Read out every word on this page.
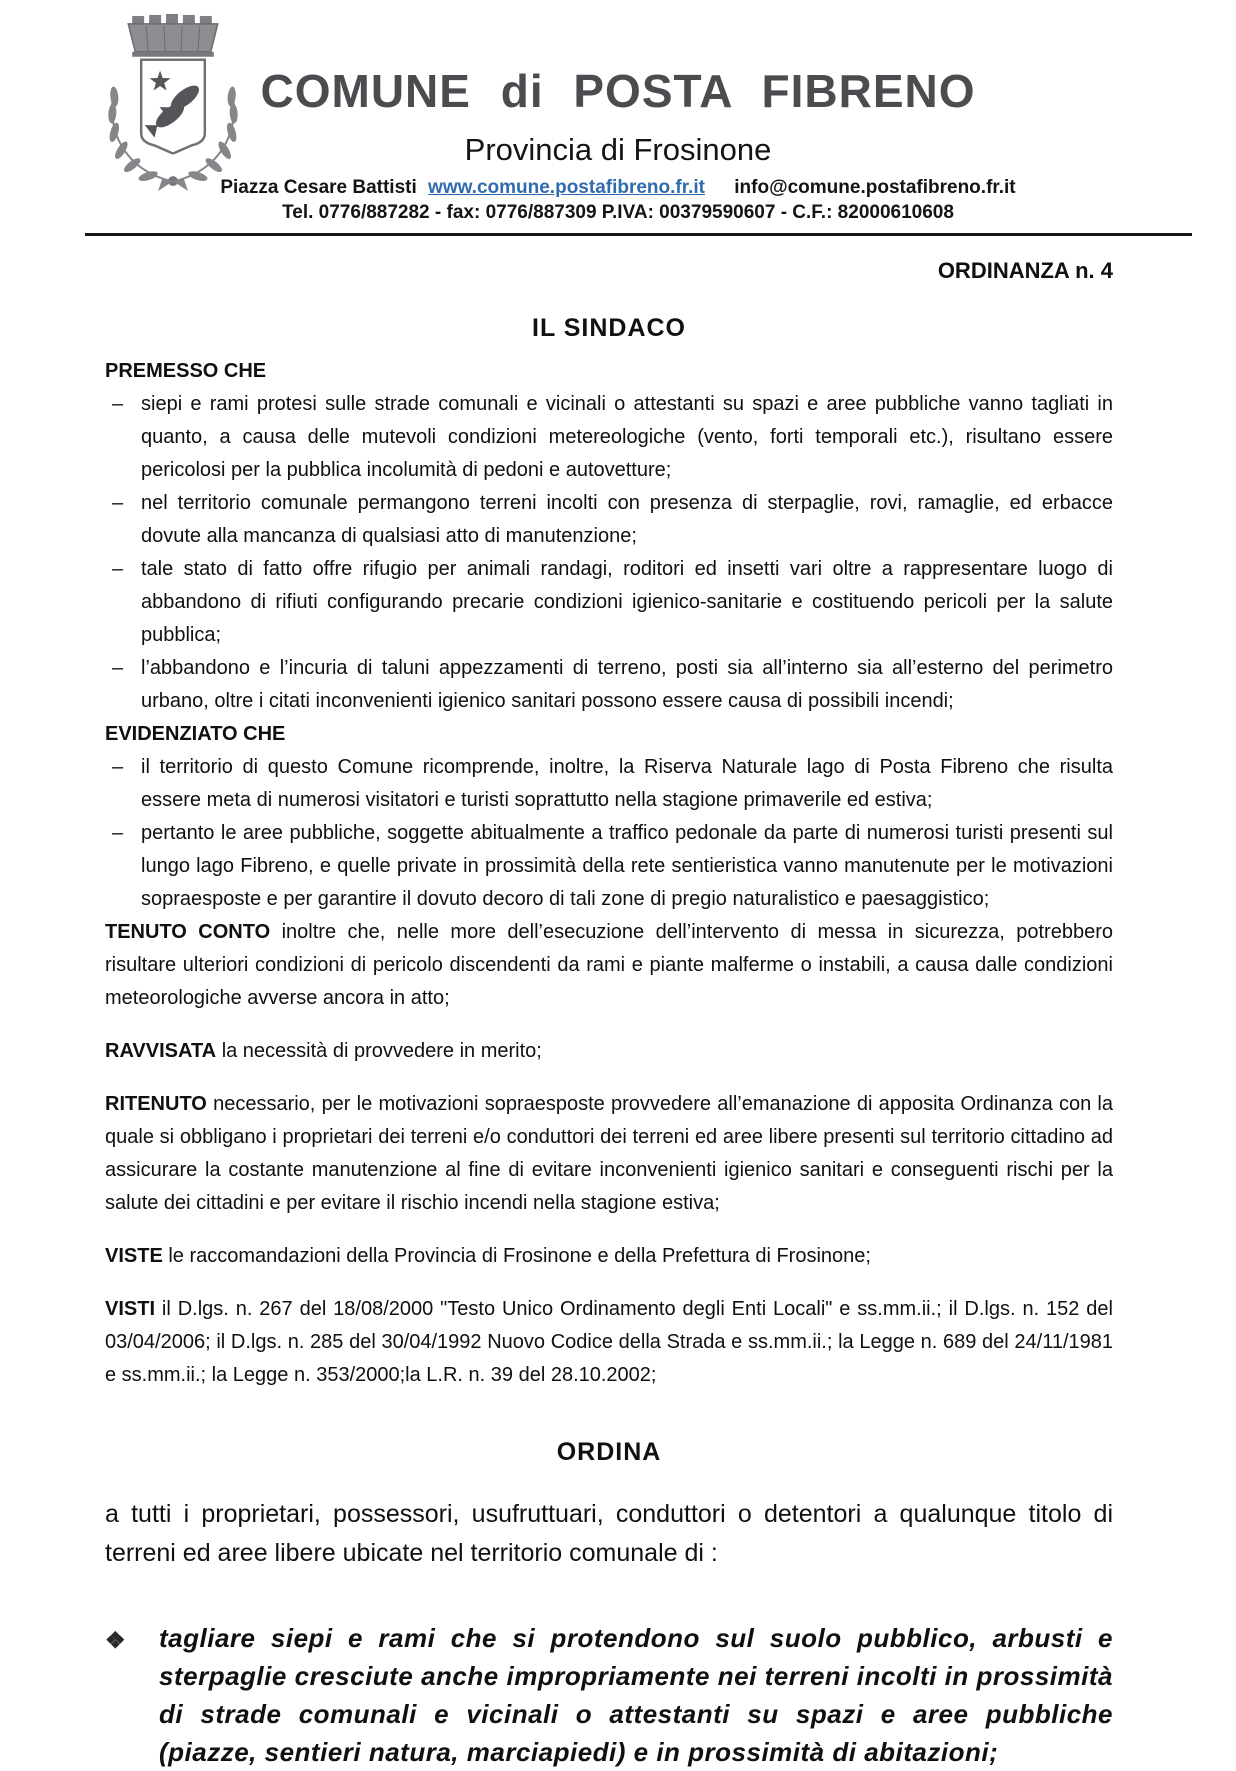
COMUNE di POSTA FIBRENO
Provincia di Frosinone
Piazza Cesare Battisti www.comune.postafibreno.fr.it info@comune.postafibreno.fr.it
Tel. 0776/887282 - fax: 0776/887309 P.IVA: 00379590607 - C.F.: 82000610608
ORDINANZA n. 4
IL SINDACO
PREMESSO CHE
– siepi e rami protesi sulle strade comunali e vicinali o attestanti su spazi e aree pubbliche vanno tagliati in quanto, a causa delle mutevoli condizioni metereologiche (vento, forti temporali etc.), risultano essere pericolosi per la pubblica incolumità di pedoni e autovetture;
– nel territorio comunale permangono terreni incolti con presenza di sterpaglie, rovi, ramaglie, ed erbacce dovute alla mancanza di qualsiasi atto di manutenzione;
– tale stato di fatto offre rifugio per animali randagi, roditori ed insetti vari oltre a rappresentare luogo di abbandono di rifiuti configurando precarie condizioni igienico-sanitarie e costituendo pericoli per la salute pubblica;
– l’abbandono e l’incuria di taluni appezzamenti di terreno, posti sia all’interno sia all’esterno del perimetro urbano, oltre i citati inconvenienti igienico sanitari possono essere causa di possibili incendi;
EVIDENZIATO CHE
– il territorio di questo Comune ricomprende, inoltre, la Riserva Naturale lago di Posta Fibreno che risulta essere meta di numerosi visitatori e turisti soprattutto nella stagione primaverile ed estiva;
– pertanto le aree pubbliche, soggette abitualmente a traffico pedonale da parte di numerosi turisti presenti sul lungo lago Fibreno, e quelle private in prossimità della rete sentieristica vanno manutenute per le motivazioni sopraesposte e per garantire il dovuto decoro di tali zone di pregio naturalistico e paesaggistico;

TENUTO CONTO inoltre che, nelle more dell’esecuzione dell’intervento di messa in sicurezza, potrebbero risultare ulteriori condizioni di pericolo discendenti da rami e piante malferme o instabili, a causa dalle condizioni meteorologiche avverse ancora in atto;

RAVVISATA la necessità di provvedere in merito;

RITENUTO necessario, per le motivazioni sopraesposte provvedere all’emanazione di apposita Ordinanza con la quale si obbligano i proprietari dei terreni e/o conduttori dei terreni ed aree libere presenti sul territorio cittadino ad assicurare la costante manutenzione al fine di evitare inconvenienti igienico sanitari e conseguenti rischi per la salute dei cittadini e per evitare il rischio incendi nella stagione estiva;

VISTE le raccomandazioni della Provincia di Frosinone e della Prefettura di Frosinone;

VISTI il D.lgs. n. 267 del 18/08/2000 "Testo Unico Ordinamento degli Enti Locali" e ss.mm.ii.; il D.lgs. n. 152 del 03/04/2006; il D.lgs. n. 285 del 30/04/1992 Nuovo Codice della Strada e ss.mm.ii.; la Legge n. 689 del 24/11/1981 e ss.mm.ii.; la Legge n. 353/2000;la L.R. n. 39 del 28.10.2002;

ORDINA
a tutti i proprietari, possessori, usufruttuari, conduttori o detentori a qualunque titolo di terreni ed aree libere ubicate nel territorio comunale di :
❖	tagliare siepi e rami che si protendono sul suolo pubblico, arbusti e sterpaglie cresciute anche impropriamente nei terreni incolti in prossimità di strade comunali e vicinali o attestanti su spazi e aree pubbliche (piazze, sentieri natura, marciapiedi) e in prossimità di abitazioni;
